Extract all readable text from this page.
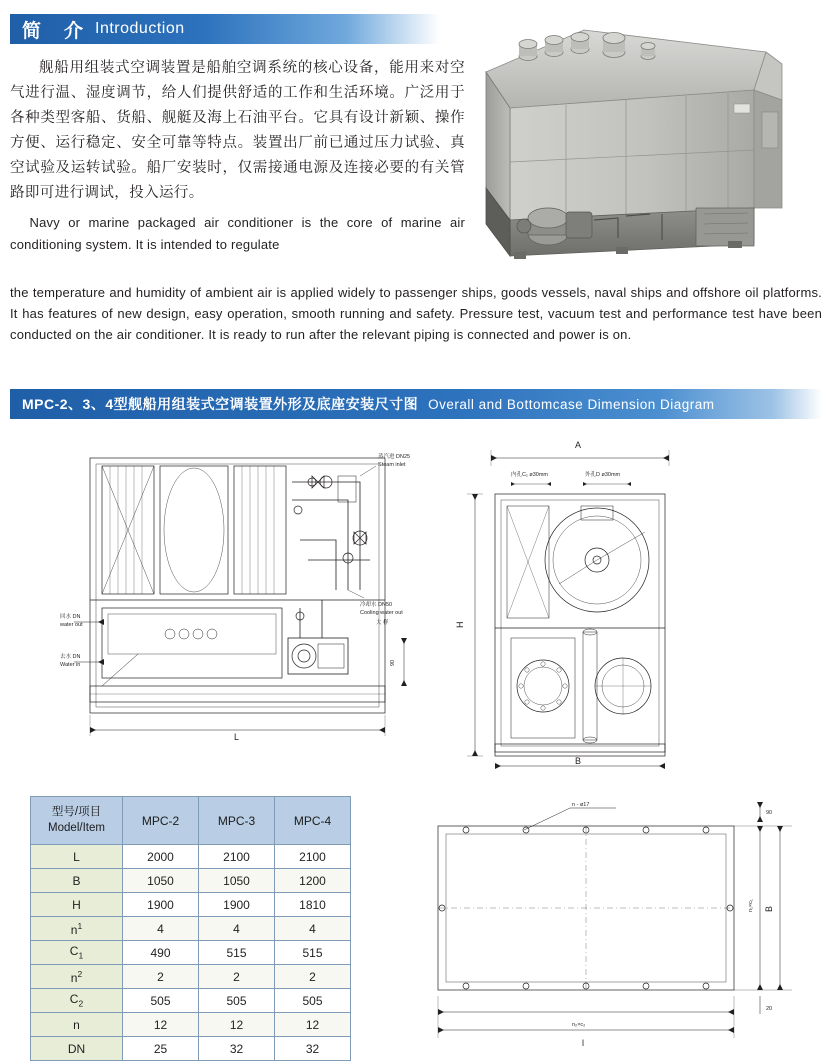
简　介 Introduction

舰船用组装式空调装置是船舶空调系统的核心设备，能用来对空气进行温、湿度调节，给人们提供舒适的工作和生活环境。广泛用于各种类型客船、货船、舰艇及海上石油平台。它具有设计新颖、操作方便、运行稳定、安全可靠等特点。装置出厂前已通过压力试验、真空试验及运转试验。船厂安装时，仅需接通电源及连接必要的有关管路即可进行调试，投入运行。

Navy or marine packaged air conditioner is the core of marine air conditioning system. It is intended to regulate

the temperature and humidity of ambient air is applied widely to passenger ships, goods vessels, naval ships and offshore oil platforms. It has features of new design, easy operation, smooth running and safety. Pressure test, vacuum test and performance test have been conducted on the air conditioner. It is ready to run after the relevant piping is connected and power is on.

MPC-2、3、4型舰船用组装式空调装置外形及底座安装尺寸图 Overall and Bottomcase Dimension Diagram
蒸汽进 DN25
Steam inlet
冷却水 DN50
Cooling water out
回水 DN
water out
去水 DN
Water in
L
90
大 样
A
B
H
内孔C₁ ø30mm	外孔D ø30mm
n - ø17
n₂×c₂
l
B
n₁×c₁
90
20
型号/项目
Model/Item	MPC-2	MPC-3	MPC-4
L	2000	2100	2100
B	1050	1050	1200
H	1900	1900	1810
$n^1$	4	4	4
$C_1$	490	515	515
$n^2$	2	2	2
$C_2$	505	505	505
n	12	12	12
DN	25	32	32
